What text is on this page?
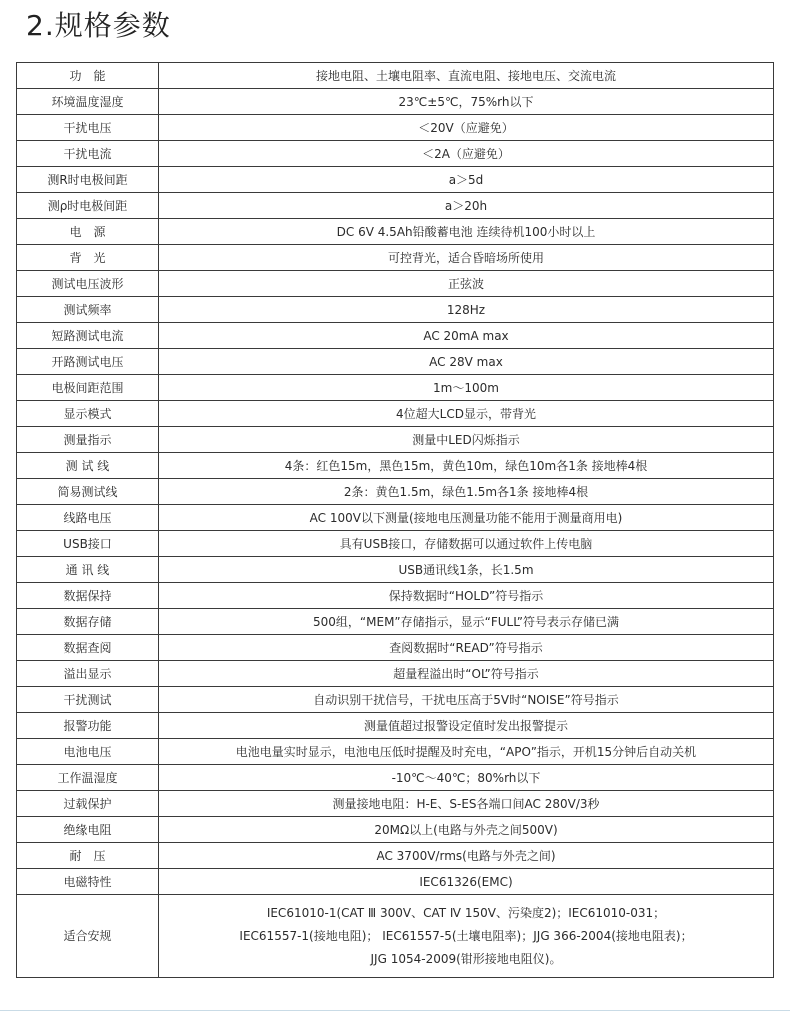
2.规格参数
功　能	接地电阻、土壤电阻率、直流电阻、接地电压、交流电流
环境温度湿度	23℃±5℃，75%rh以下
干扰电压	＜20V（应避免）
干扰电流	＜2A（应避免）
测R时电极间距	a＞5d
测ρ时电极间距	a＞20h
电　源	DC 6V 4.5Ah铅酸蓄电池 连续待机100小时以上
背　光	可控背光，适合昏暗场所使用
测试电压波形	正弦波
测试频率	128Hz
短路测试电流	AC 20mA max
开路测试电压	AC 28V max
电极间距范围	1m～100m
显示模式	4位超大LCD显示，带背光
测量指示	测量中LED闪烁指示
测 试 线	4条：红色15m，黑色15m，黄色10m，绿色10m各1条 接地棒4根
简易测试线	2条：黄色1.5m，绿色1.5m各1条 接地棒4根
线路电压	AC 100V以下测量(接地电压测量功能不能用于测量商用电)
USB接口	具有USB接口，存储数据可以通过软件上传电脑
通 讯 线	USB通讯线1条，长1.5m
数据保持	保持数据时“HOLD”符号指示
数据存储	500组，“MEM”存储指示，显示“FULL”符号表示存储已满
数据查阅	查阅数据时“READ”符号指示
溢出显示	超量程溢出时“OL”符号指示
干扰测试	自动识别干扰信号，干扰电压高于5V时“NOISE”符号指示
报警功能	测量值超过报警设定值时发出报警提示
电池电压	电池电量实时显示，电池电压低时提醒及时充电，“APO”指示，开机15分钟后自动关机
工作温湿度	-10℃～40℃；80%rh以下
过载保护	测量接地电阻：H-E、S-ES各端口间AC 280V/3秒
绝缘电阻	20MΩ以上(电路与外壳之间500V)
耐　压	AC 3700V/rms(电路与外壳之间)
电磁特性	IEC61326(EMC)
适合安规	IEC61010-1(CAT Ⅲ 300V、CAT Ⅳ 150V、污染度2)；IEC61010-031；
IEC61557-1(接地电阻)； IEC61557-5(土壤电阻率)；JJG 366-2004(接地电阻表)；
JJG 1054-2009(钳形接地电阻仪)。
